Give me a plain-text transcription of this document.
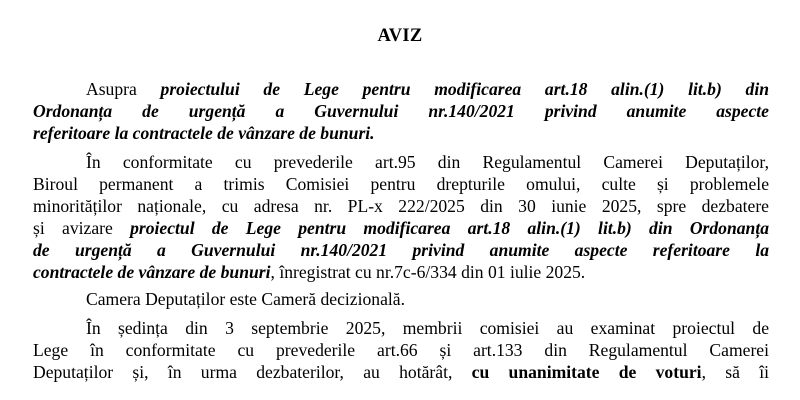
AVIZ
Asupra proiectului de Lege pentru modificarea art.18 alin.(1) lit.b) din
Ordonanța de urgență a Guvernului nr.140/2021 privind anumite aspecte
referitoare la contractele de vânzare de bunuri.
În conformitate cu prevederile art.95 din Regulamentul Camerei Deputaților,
Biroul permanent a trimis Comisiei pentru drepturile omului, culte și problemele
minorităților naționale, cu adresa nr. PL-x 222/2025 din 30 iunie 2025, spre dezbatere
și avizare proiectul de Lege pentru modificarea art.18 alin.(1) lit.b) din Ordonanța
de urgență a Guvernului nr.140/2021 privind anumite aspecte referitoare la
contractele de vânzare de bunuri, înregistrat cu nr.7c-6/334 din 01 iulie 2025.
Camera Deputaților este Cameră decizională.
În ședința din 3 septembrie 2025, membrii comisiei au examinat proiectul de
Lege în conformitate cu prevederile art.66 și art.133 din Regulamentul Camerei
Deputaților și, în urma dezbaterilor, au hotărât, cu unanimitate de voturi, să îi
